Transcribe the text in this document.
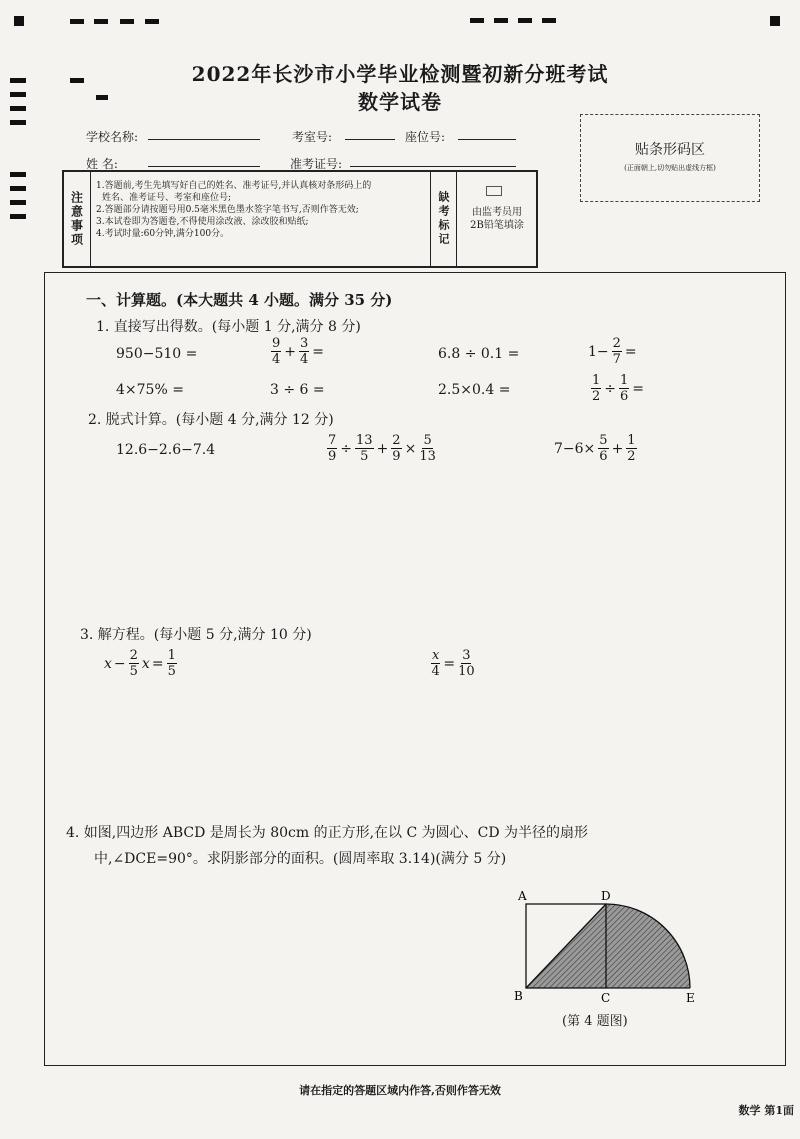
2022年长沙市小学毕业检测暨初新分班考试
数学试卷
学校名称:	考室号:	座位号:
姓 名:	准考证号:
贴条形码区
(正面朝上,切勿贴出虚线方框)
注意事项
1.答题前,考生先填写好自己的姓名、准考证号,并认真核对条形码上的
姓名、准考证号、考室和座位号;
2.答题部分请按题号用0.5毫米黑色墨水签字笔书写,否则作答无效;
3.本试卷即为答题卷,不得使用涂改液、涂改胶和贴纸;
4.考试时量:60分钟,满分100分。	缺考标记	由监考员用2B铅笔填涂
一、计算题。(本大题共 4 小题。满分 35 分)
1. 直接写出得数。(每小题 1 分,满分 8 分)
950−510 =	$\frac{9}{4} + \frac{3}{4}$ =	6.8 ÷ 0.1 =	$1- \frac{2}{7}$ =
4×75% =	3 ÷ 6 =	2.5×0.4 =	$\frac{1}{2} \div \frac{1}{6}$ =
2. 脱式计算。(每小题 4 分,满分 12 分)
12.6−2.6−7.4	$\frac{7}{9} \div \frac{13}{5} + \frac{2}{9} \times \frac{5}{13}$	$7-6\times \frac{5}{6} + \frac{1}{2}$
3. 解方程。(每小题 5 分,满分 10 分)
$x - \frac{2}{5}$ $x = \frac{1}{5}$	$\frac{x}{4} = \frac{3}{10}$
4. 如图,四边形 ABCD 是周长为 80cm 的正方形,在以 C 为圆心、CD 为半径的扇形
中,∠DCE=90°。求阴影部分的面积。(圆周率取 3.14)(满分 5 分)
A	D
B	C	E
(第 4 题图)
请在指定的答题区域内作答,否则作答无效
数学 第1面
